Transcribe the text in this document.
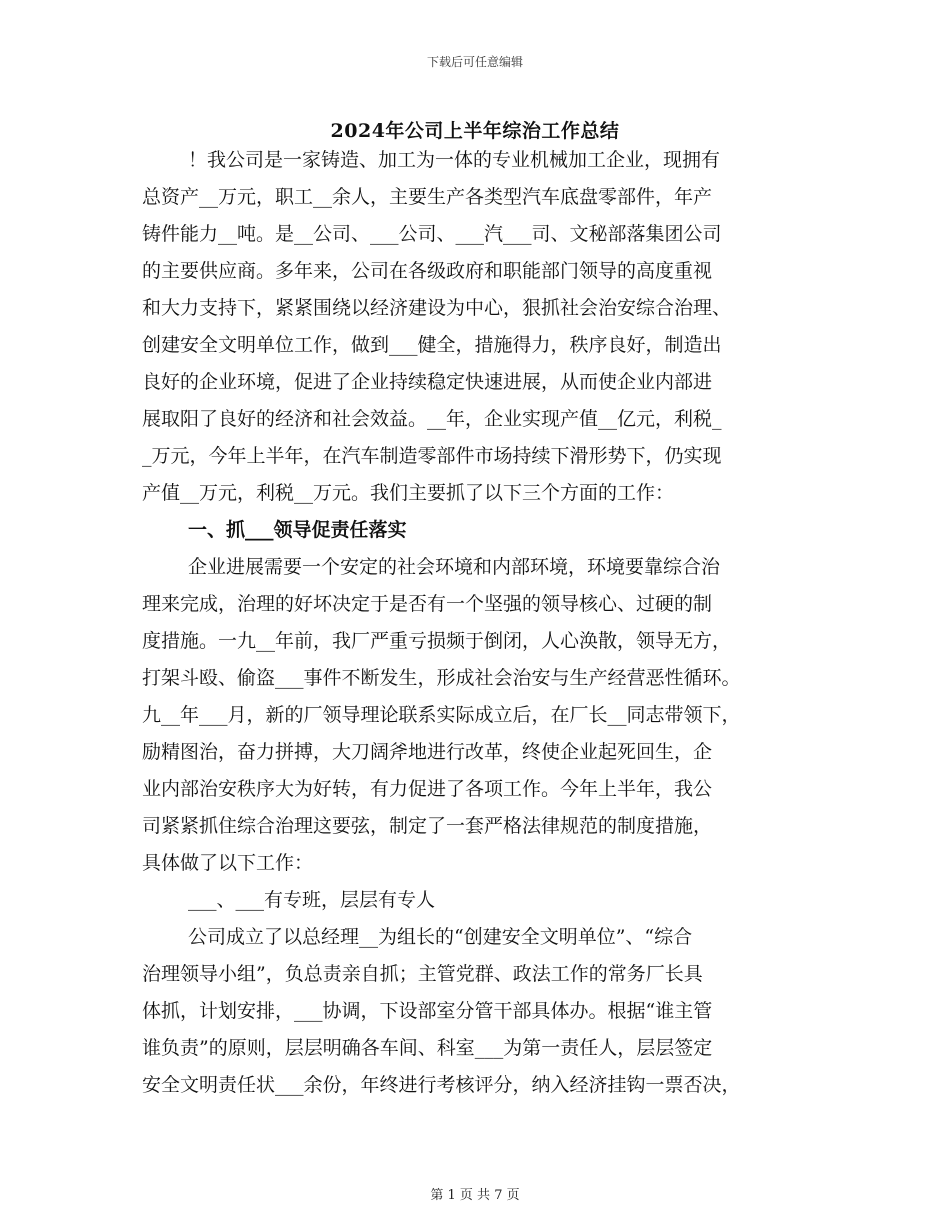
下载后可任意编辑
2024年公司上半年综治工作总结
！我公司是一家铸造、加工为一体的专业机械加工企业，现拥有
总资产__万元，职工__余人，主要生产各类型汽车底盘零部件，年产
铸件能力__吨。是__公司、___公司、___汽___司、文秘部落集团公司
的主要供应商。多年来，公司在各级政府和职能部门领导的高度重视
和大力支持下，紧紧围绕以经济建设为中心，狠抓社会治安综合治理、
创建安全文明单位工作，做到___健全，措施得力，秩序良好，制造出
良好的企业环境，促进了企业持续稳定快速进展，从而使企业内部进
展取阳了良好的经济和社会效益。__年，企业实现产值__亿元，利税_
_万元，今年上半年，在汽车制造零部件市场持续下滑形势下，仍实现
产值__万元，利税__万元。我们主要抓了以下三个方面的工作：
一、抓___领导促责任落实
企业进展需要一个安定的社会环境和内部环境，环境要靠综合治
理来完成，治理的好坏决定于是否有一个坚强的领导核心、过硬的制
度措施。一九__年前，我厂严重亏损频于倒闭，人心涣散，领导无方，
打架斗殴、偷盗___事件不断发生，形成社会治安与生产经营恶性循环。
九__年___月，新的厂领导理论联系实际成立后，在厂长__同志带领下，
励精图治，奋力拼搏，大刀阔斧地进行改革，终使企业起死回生，企
业内部治安秩序大为好转，有力促进了各项工作。今年上半年，我公
司紧紧抓住综合治理这要弦，制定了一套严格法律规范的制度措施，
具体做了以下工作：
___、___有专班，层层有专人
公司成立了以总经理__为组长的“创建安全文明单位”、“综合
治理领导小组”，负总责亲自抓；主管党群、政法工作的常务厂长具
体抓，计划安排，___协调，下设部室分管干部具体办。根据“谁主管
谁负责”的原则，层层明确各车间、科室___为第一责任人，层层签定
安全文明责任状___余份，年终进行考核评分，纳入经济挂钩一票否决，
第 1 页 共 7 页
